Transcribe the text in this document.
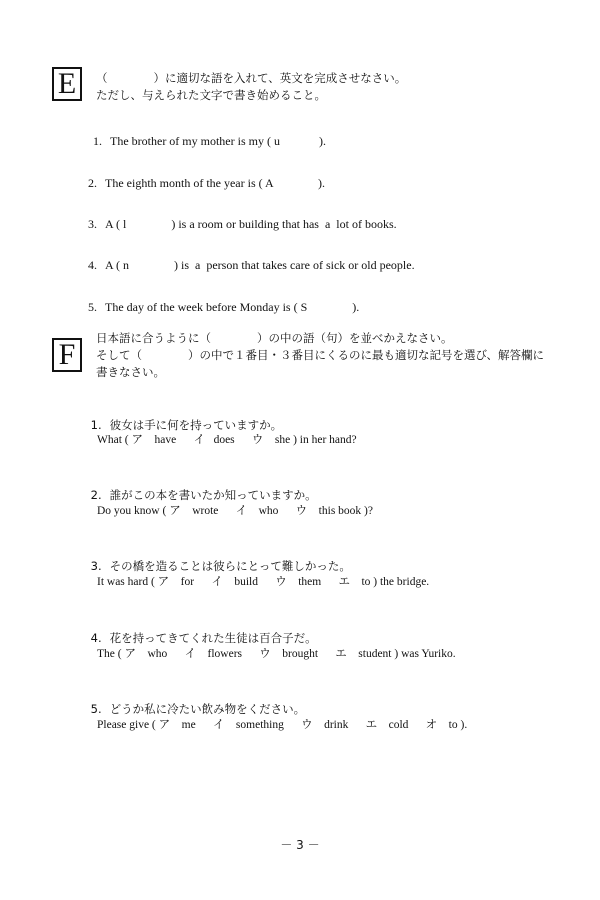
E	（　　　　）に適切な語を入れて、英文を完成させなさい。
ただし、与えられた文字で書き始めること。

1. The brother of my mother is my ( u             ).

2. The eighth month of the year is ( A               ).

3. A ( l               ) is a room or building that has  a  lot of books.

4. A ( n               ) is  a  person that takes care of sick or old people.

5. The day of the week before Monday is ( S               ).

F	日本語に合うように（　　　　）の中の語（句）を並べかえなさい。
そして（　　　　）の中で１番目・３番目にくるのに最も適切な記号を選び、解答欄に
書きなさい。

1. 彼女は手に何を持っていますか。

What ( ア    have      イ   does      ウ    she ) in her hand?

2. 誰がこの本を書いたか知っていますか。

Do you know ( ア    wrote      イ    who      ウ    this book )?

3. その橋を造ることは彼らにとって難しかった。

It was hard ( ア    for      イ    build      ウ    them      エ    to ) the bridge.

4. 花を持ってきてくれた生徒は百合子だ。

The ( ア    who      イ    flowers      ウ    brought      エ    student ) was Yuriko.

5. どうか私に冷たい飲み物をください。

Please give ( ア    me      イ    something      ウ    drink      エ    cold      オ    to ).
－ 3 －
